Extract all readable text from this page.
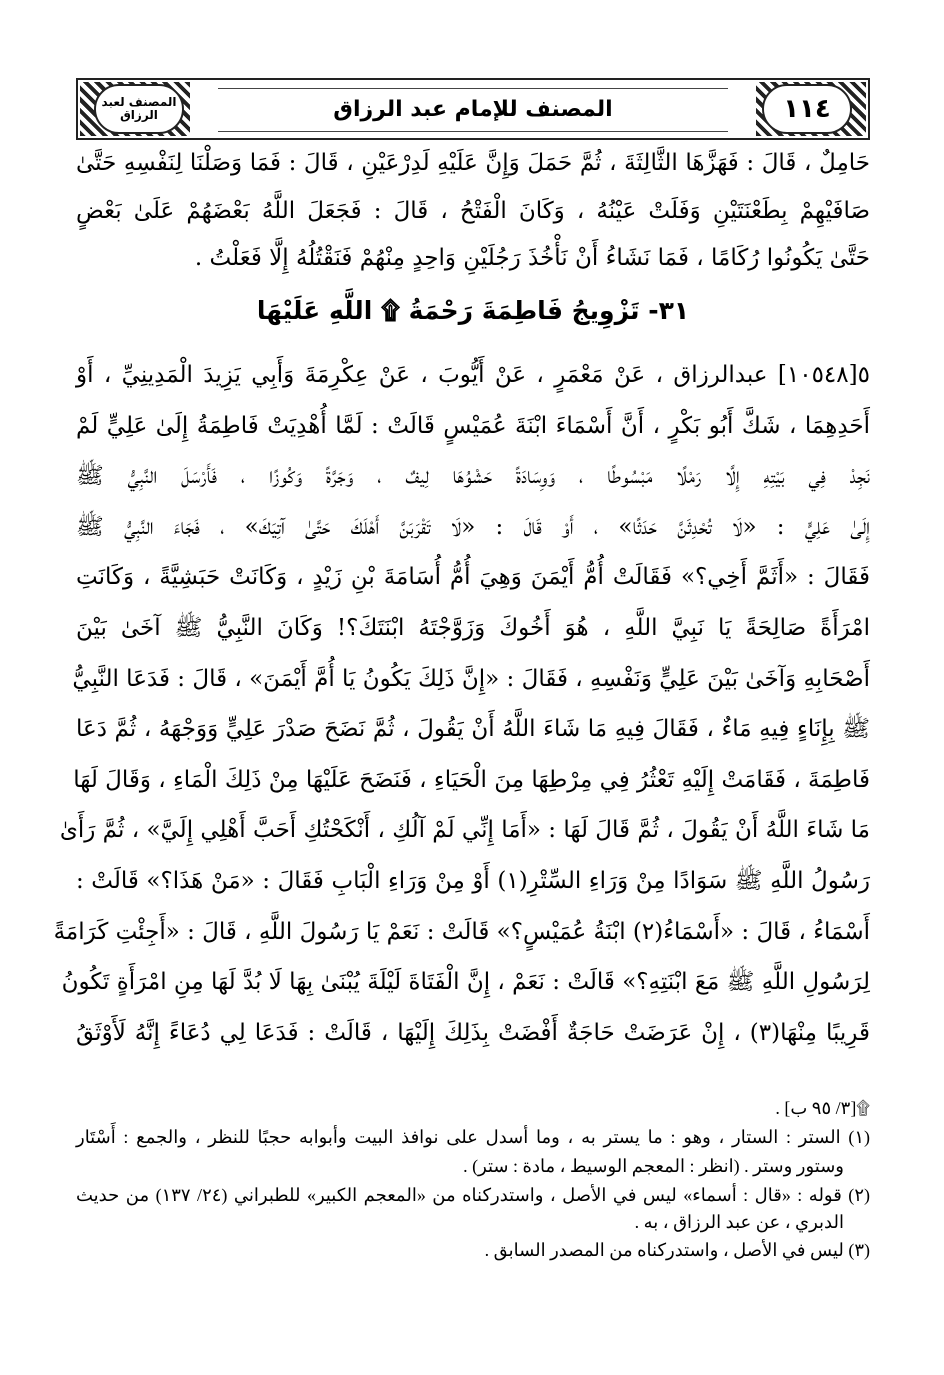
المصنف لعبد الرزاق	المصنف للإمام عبد الرزاق	١١٤
حَامِلٌ ، قَالَ : فَهَزَّهَا الثَّالِثَةَ ، ثُمَّ حَمَلَ وَإِنَّ عَلَيْهِ لَدِرْعَيْنِ ، قَالَ : فَمَا وَصَلْنَا لِنَفْسِهِ حَتَّىٰ
صَافَيْهِمْ بِطَعْنَتَيْنِ وَفَلَتْ عَيْنُهُ ، وَكَانَ الْفَتْحُ ، قَالَ : فَجَعَلَ اللَّهُ بَعْضَهُمْ عَلَىٰ بَعْضٍ
حَتَّىٰ يَكُونُوا رُكَامًا ، فَمَا نَشَاءُ أَنْ نَأْخُذَ رَجُلَيْنِ وَاحِدٍ مِنْهُمْ فَنَقْتُلُهُ إِلَّا فَعَلْتُ .
٣١- تَزْوِيجُ فَاطِمَةَ رَحْمَةُ ۩ اللَّهِ عَلَيْهَا
٥[١٠٥٤٨] عبدالرزاق ، عَنْ مَعْمَرٍ ، عَنْ أَيُّوبَ ، عَنْ عِكْرِمَةَ وَأَبِي يَزِيدَ الْمَدِينِيِّ ، أَوْ
أَحَدِهِمَا ، شَكَّ أَبُو بَكْرٍ ، أَنَّ أَسْمَاءَ ابْنَةَ عُمَيْسٍ قَالَتْ : لَمَّا أُهْدِيَتْ فَاطِمَةُ إِلَىٰ عَلِيٍّ لَمْ
نَجِدْ فِي بَيْتِهِ إِلَّا رَمْلًا مَبْسُوطًا ، وَوِسَادَةً حَشْوُهَا لِيفٌ ، وَجَرَّةً وَكُوزًا ، فَأَرْسَلَ النَّبِيُّ ﷺ
إِلَىٰ عَلِيٍّ : «لَا تُحْدِثَنَّ حَدَثًا» ، أَوْ قَالَ : «لَا تَقْرَبَنَّ أَهْلَكَ حَتَّىٰ آتِيَكَ» ، فَجَاءَ النَّبِيُّ ﷺ
فَقَالَ : «أَثَمَّ أَخِي؟» فَقَالَتْ أُمُّ أَيْمَنَ وَهِيَ أُمُّ أُسَامَةَ بْنِ زَيْدٍ ، وَكَانَتْ حَبَشِيَّةً ، وَكَانَتِ
امْرَأَةً صَالِحَةً يَا نَبِيَّ اللَّهِ ، هُوَ أَخُوكَ وَزَوَّجْتَهُ ابْنَتَكَ؟! وَكَانَ النَّبِيُّ ﷺ آخَىٰ بَيْنَ
أَصْحَابِهِ وَآخَىٰ بَيْنَ عَلِيٍّ وَنَفْسِهِ ، فَقَالَ : «إِنَّ ذَلِكَ يَكُونُ يَا أُمَّ أَيْمَنَ» ، قَالَ : فَدَعَا النَّبِيُّ
ﷺ بِإِنَاءٍ فِيهِ مَاءٌ ، فَقَالَ فِيهِ مَا شَاءَ اللَّهُ أَنْ يَقُولَ ، ثُمَّ نَضَحَ صَدْرَ عَلِيٍّ وَوَجْهَهُ ، ثُمَّ دَعَا
فَاطِمَةَ ، فَقَامَتْ إِلَيْهِ تَعْثُرُ فِي مِرْطِهَا مِنَ الْحَيَاءِ ، فَنَضَحَ عَلَيْهَا مِنْ ذَلِكَ الْمَاءِ ، وَقَالَ لَهَا
مَا شَاءَ اللَّهُ أَنْ يَقُولَ ، ثُمَّ قَالَ لَهَا : «أَمَا إِنِّي لَمْ آلُكِ ، أَنْكَحْتُكِ أَحَبَّ أَهْلِي إِلَيَّ» ، ثُمَّ رَأَىٰ
رَسُولُ اللَّهِ ﷺ سَوَادًا مِنْ وَرَاءِ السِّتْرِ(١) أَوْ مِنْ وَرَاءِ الْبَابِ فَقَالَ : «مَنْ هَذَا؟» قَالَتْ :
أَسْمَاءُ ، قَالَ : «أَسْمَاءُ(٢) ابْنَةُ عُمَيْسٍ؟» قَالَتْ : نَعَمْ يَا رَسُولَ اللَّهِ ، قَالَ : «أَجِئْتِ كَرَامَةً
لِرَسُولِ اللَّهِ ﷺ مَعَ ابْنَتِهِ؟» قَالَتْ : نَعَمْ ، إِنَّ الْفَتَاةَ لَيْلَةَ يُبْنَىٰ بِهَا لَا بُدَّ لَهَا مِنِ امْرَأَةٍ تَكُونُ
قَرِيبًا مِنْهَا(٣) ، إِنْ عَرَضَتْ حَاجَةٌ أَفْضَتْ بِذَلِكَ إِلَيْهَا ، قَالَتْ : فَدَعَا لِي دُعَاءً إِنَّهُ لَأَوْثَقُ
۩[٣/ ٩٥ ب] .
(١) الستر : الستار ، وهو : ما يستر به ، وما أسدل على نوافذ البيت وأبوابه حجبًا للنظر ، والجمع : أَسْتَار
وستور وستر . (انظر : المعجم الوسيط ، مادة : ستر) .
(٢) قوله : «قال : أسماء» ليس في الأصل ، واستدركناه من «المعجم الكبير» للطبراني (٢٤/ ١٣٧) من حديث
الدبري ، عن عبد الرزاق ، به .
(٣) ليس في الأصل ، واستدركناه من المصدر السابق .
